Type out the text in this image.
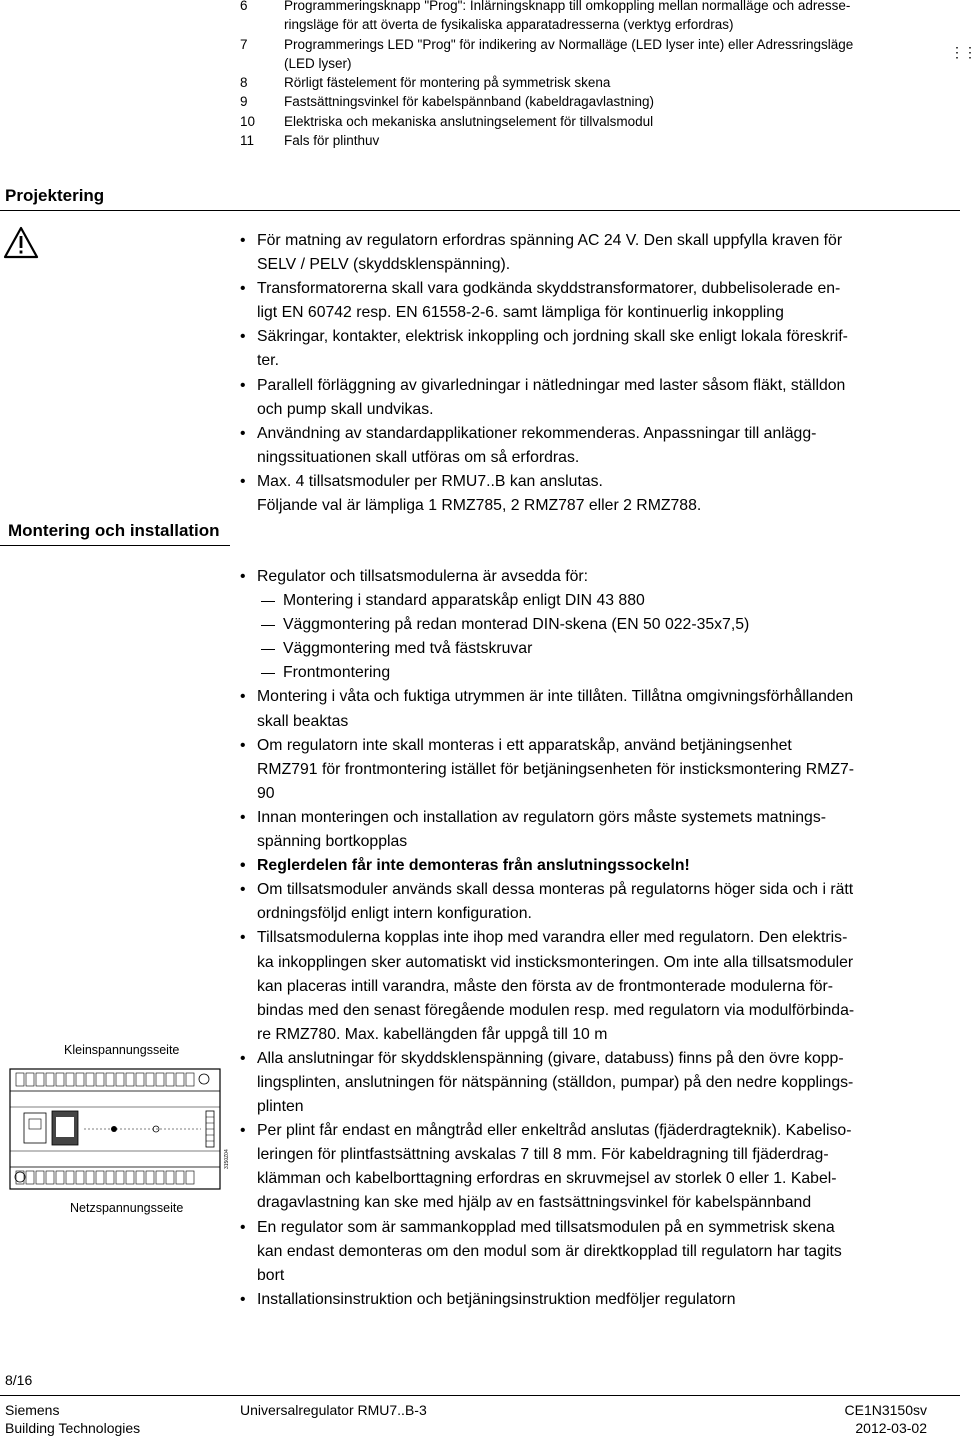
6	Programmeringsknapp "Prog": Inlärningsknapp till omkoppling mellan normalläge och adresse-
ringsläge för att överta de fysikaliska apparatadresserna (verktyg erfordras)
7	Programmerings LED "Prog" för indikering av Normalläge (LED lyser inte) eller Adressringsläge
(LED lyser)
8	Rörligt fästelement för montering på symmetrisk skena
9	Fastsättningsvinkel för kabelspännband (kabeldragavlastning)
10	Elektriska och mekaniska anslutningselement för tillvalsmodul
11	Fals för plinthuv
⋮⋮
Projektering
• För matning av regulatorn erfordras spänning AC 24 V. Den skall uppfylla kraven för
SELV / PELV (skyddsklenspänning).
• Transformatorerna skall vara godkända skyddstransformatorer, dubbelisolerade en-
ligt EN 60742 resp. EN 61558-2-6. samt lämpliga för kontinuerlig inkoppling
• Säkringar, kontakter, elektrisk inkoppling och jordning skall ske enligt lokala föreskrif-
ter.
• Parallell förläggning av givarledningar i nätledningar med laster såsom fläkt, ställdon
och pump skall undvikas.
• Användning av standardapplikationer rekommenderas. Anpassningar till anlägg-
ningssituationen skall utföras om så erfordras.
• Max. 4 tillsatsmoduler per RMU7..B kan anslutas.
Följande val är lämpliga 1 RMZ785, 2 RMZ787 eller 2 RMZ788.
Montering och installation
• Regulator och tillsatsmodulerna är avsedda för:
Montering i standard apparatskåp enligt DIN 43 880
Väggmontering på redan monterad DIN-skena (EN 50 022-35x7,5)
Väggmontering med två fästskruvar
Frontmontering
• Montering i våta och fuktiga utrymmen är inte tillåten. Tillåtna omgivningsförhållanden
skall beaktas
• Om regulatorn inte skall monteras i ett apparatskåp, använd betjäningsenhet
RMZ791 för frontmontering istället för betjäningsenheten för insticksmontering RMZ7-
90
• Innan monteringen och installation av regulatorn görs måste systemets matnings-
spänning bortkopplas
• Reglerdelen får inte demonteras från anslutningssockeln!
• Om tillsatsmoduler används skall dessa monteras på regulatorns höger sida och i rätt
ordningsföljd enligt intern konfiguration.
• Tillsatsmodulerna kopplas inte ihop med varandra eller med regulatorn. Den elektris-
ka inkopplingen sker automatiskt vid insticksmonteringen. Om inte alla tillsatsmoduler
kan placeras intill varandra, måste den första av de frontmonterade modulerna för-
bindas med den senast föregående modulen resp. med regulatorn via modulförbinda-
re RMZ780. Max. kabellängden får uppgå till 10 m
• Alla anslutningar för skyddsklenspänning (givare, databuss) finns på den övre kopp-
lingsplinten, anslutningen för nätspänning (ställdon, pumpar) på den nedre kopplings-
plinten
• Per plint får endast en mångtråd eller enkeltråd anslutas (fjäderdragteknik). Kabeliso-
leringen för plintfastsättning avskalas 7 till 8 mm. För kabeldragning till fjäderdrag-
klämman och kabelborttagning erfordras en skruvmejsel av storlek 0 eller 1. Kabel-
dragavlastning kan ske med hjälp av en fastsättningsvinkel för kabelspännband
• En regulator som är sammankopplad med tillsatsmodulen på en symmetrisk skena
kan endast demonteras om den modul som är direktkopplad till regulatorn har tagits
bort
• Installationsinstruktion och betjäningsinstruktion medföljer regulatorn
Kleinspannungsseite
3150Z04
Netzspannungsseite
8/16
Siemens
Building Technologies
Universalregulator RMU7..B-3	CE1N3150sv
2012-03-02
